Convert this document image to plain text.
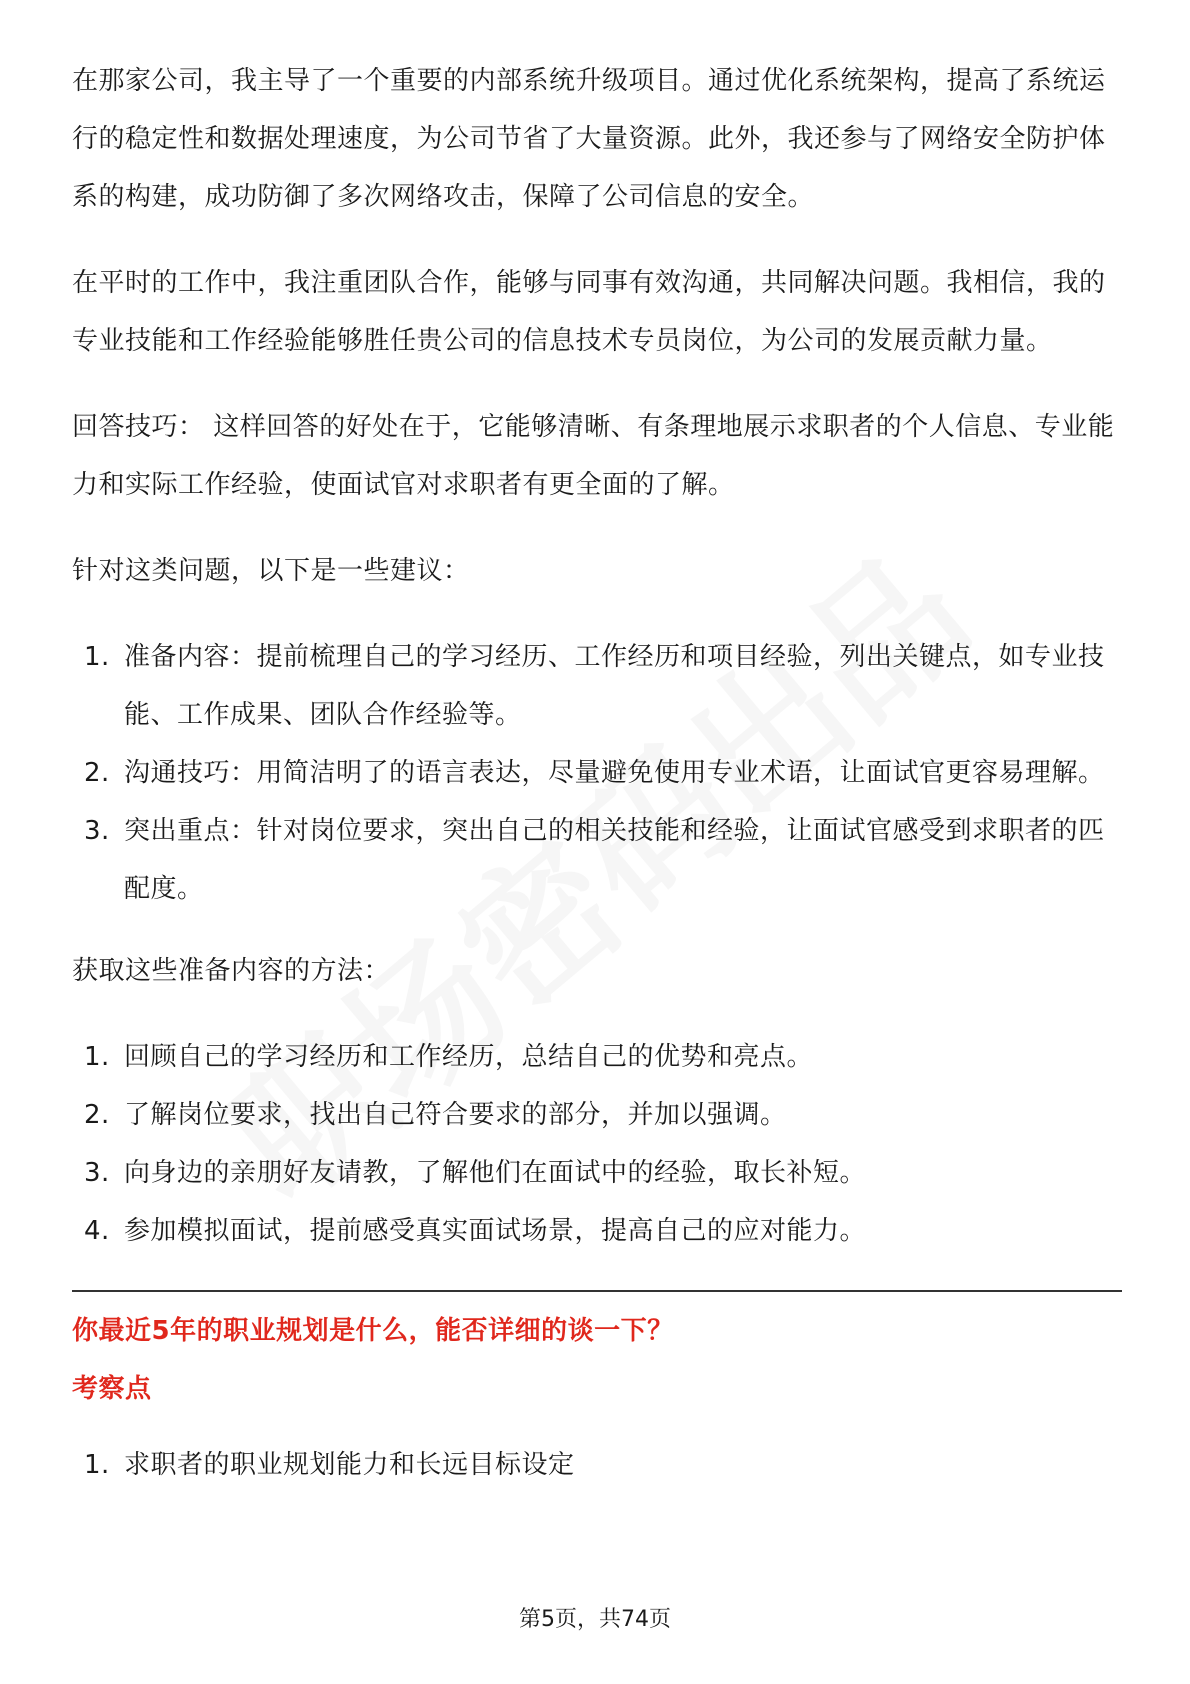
在那家公司，我主导了一个重要的内部系统升级项目。通过优化系统架构，提高了系统运行的稳定性和数据处理速度，为公司节省了大量资源。此外，我还参与了网络安全防护体系的构建，成功防御了多次网络攻击，保障了公司信息的安全。

在平时的工作中，我注重团队合作，能够与同事有效沟通，共同解决问题。我相信，我的专业技能和工作经验能够胜任贵公司的信息技术专员岗位，为公司的发展贡献力量。

回答技巧： 这样回答的好处在于，它能够清晰、有条理地展示求职者的个人信息、专业能力和实际工作经验，使面试官对求职者有更全面的了解。

针对这类问题，以下是一些建议：

1. 准备内容：提前梳理自己的学习经历、工作经历和项目经验，列出关键点，如专业技能、工作成果、团队合作经验等。
2. 沟通技巧：用简洁明了的语言表达，尽量避免使用专业术语，让面试官更容易理解。
3. 突出重点：针对岗位要求，突出自己的相关技能和经验，让面试官感受到求职者的匹配度。

获取这些准备内容的方法：

1. 回顾自己的学习经历和工作经历，总结自己的优势和亮点。
2. 了解岗位要求，找出自己符合要求的部分，并加以强调。
3. 向身边的亲朋好友请教，了解他们在面试中的经验，取长补短。
4. 参加模拟面试，提前感受真实面试场景，提高自己的应对能力。
你最近5年的职业规划是什么，能否详细的谈一下？
考察点
1. 求职者的职业规划能力和长远目标设定
第5页，共74页
